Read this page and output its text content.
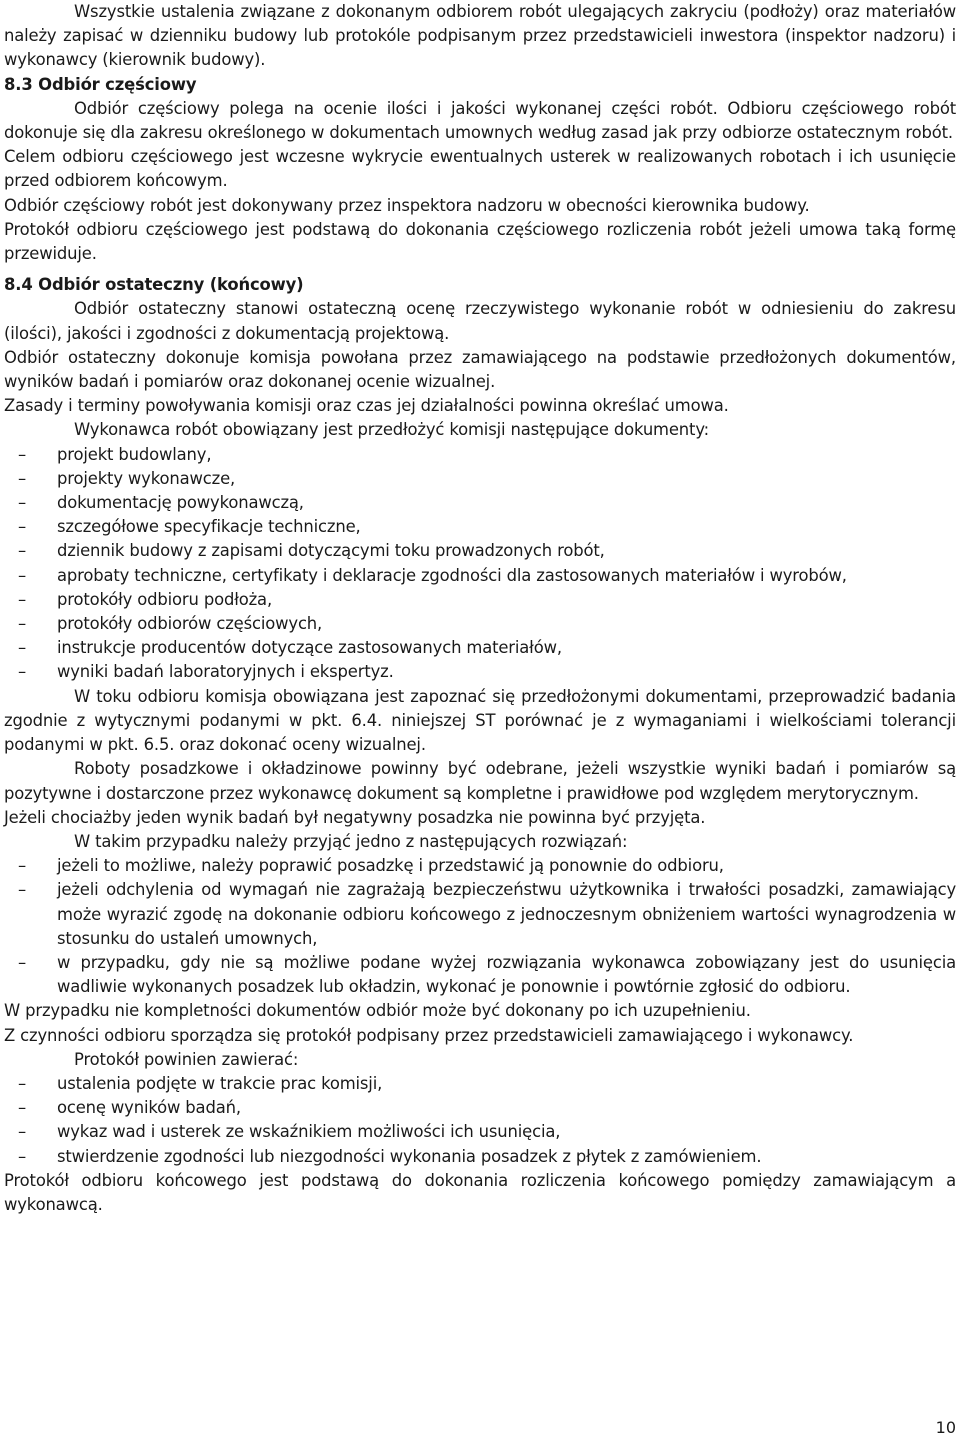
Wszystkie ustalenia związane z dokonanym odbiorem robót ulegających zakryciu (podłoży) oraz materiałów należy zapisać w dzienniku budowy lub protokóle podpisanym przez przedstawicieli inwestora (inspektor nadzoru) i wykonawcy (kierownik budowy).

8.3 Odbiór częściowy

Odbiór częściowy polega na ocenie ilości i jakości wykonanej części robót. Odbioru częściowego robót dokonuje się dla zakresu określonego w dokumentach umownych według zasad jak przy odbiorze ostatecznym robót.

Celem odbioru częściowego jest wczesne wykrycie ewentualnych usterek w realizowanych robotach i ich usunięcie przed odbiorem końcowym.

Odbiór częściowy robót jest dokonywany przez inspektora nadzoru w obecności kierownika budowy.

Protokół odbioru częściowego jest podstawą do dokonania częściowego rozliczenia robót jeżeli umowa taką formę przewiduje.

8.4 Odbiór ostateczny (końcowy)

Odbiór ostateczny stanowi ostateczną ocenę rzeczywistego wykonanie robót w odniesieniu do zakresu (ilości), jakości i zgodności z dokumentacją projektową.

Odbiór ostateczny dokonuje komisja powołana przez zamawiającego na podstawie przedłożonych dokumentów, wyników badań i pomiarów oraz dokonanej ocenie wizualnej.

Zasady i terminy powoływania komisji oraz czas jej działalności powinna określać umowa.

Wykonawca robót obowiązany jest przedłożyć komisji następujące dokumenty:

– projekt budowlany,
– projekty wykonawcze,
– dokumentację powykonawczą,
– szczegółowe specyfikacje techniczne,
– dziennik budowy z zapisami dotyczącymi toku prowadzonych robót,
– aprobaty techniczne, certyfikaty i deklaracje zgodności dla zastosowanych materiałów i wyrobów,
– protokóły odbioru podłoża,
– protokóły odbiorów częściowych,
– instrukcje producentów dotyczące zastosowanych materiałów,
– wyniki badań laboratoryjnych i ekspertyz.

W toku odbioru komisja obowiązana jest zapoznać się przedłożonymi dokumentami, przeprowadzić badania zgodnie z wytycznymi podanymi w pkt. 6.4. niniejszej ST porównać je z wymaganiami i wielkościami tolerancji podanymi w pkt. 6.5. oraz dokonać oceny wizualnej.

Roboty posadzkowe i okładzinowe powinny być odebrane, jeżeli wszystkie wyniki badań i pomiarów są pozytywne i dostarczone przez wykonawcę dokument są kompletne i prawidłowe pod względem merytorycznym.

Jeżeli chociażby jeden wynik badań był negatywny posadzka nie powinna być przyjęta.

W takim przypadku należy przyjąć jedno z następujących rozwiązań:

– jeżeli to możliwe, należy poprawić posadzkę i przedstawić ją ponownie do odbioru,
– jeżeli odchylenia od wymagań nie zagrażają bezpieczeństwu użytkownika i trwałości posadzki, zamawiający może wyrazić zgodę na dokonanie odbioru końcowego z jednoczesnym obniżeniem wartości wynagrodzenia w stosunku do ustaleń umownych,
– w przypadku, gdy nie są możliwe podane wyżej rozwiązania wykonawca zobowiązany jest do usunięcia wadliwie wykonanych posadzek lub okładzin, wykonać je ponownie i powtórnie zgłosić do odbioru.

W przypadku nie kompletności dokumentów odbiór może być dokonany po ich uzupełnieniu.

Z czynności odbioru sporządza się protokół podpisany przez przedstawicieli zamawiającego i wykonawcy.

Protokół powinien zawierać:

– ustalenia podjęte w trakcie prac komisji,
– ocenę wyników badań,
– wykaz wad i usterek ze wskaźnikiem możliwości ich usunięcia,
– stwierdzenie zgodności lub niezgodności wykonania posadzek z płytek z zamówieniem.

Protokół odbioru końcowego jest podstawą do dokonania rozliczenia końcowego pomiędzy zamawiającym a wykonawcą.

10
